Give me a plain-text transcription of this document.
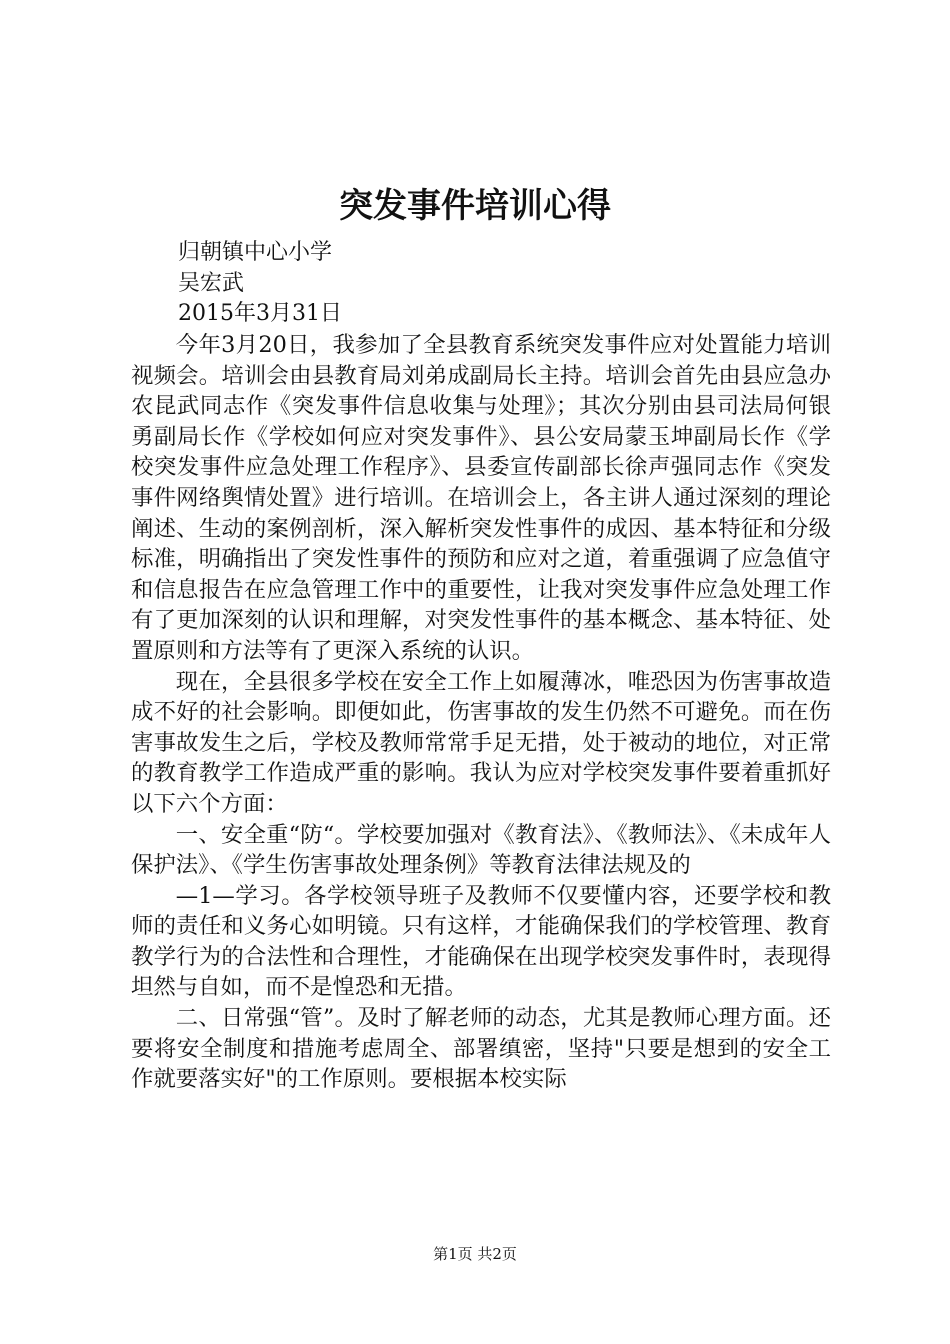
突发事件培训心得
归朝镇中心小学
吴宏武
2015年3月31日

今年3月20日，我参加了全县教育系统突发事件应对处置能力培训视频会。培训会由县教育局刘弟成副局长主持。培训会首先由县应急办农昆武同志作《突发事件信息收集与处理》；其次分别由县司法局何银勇副局长作《学校如何应对突发事件》、县公安局蒙玉坤副局长作《学校突发事件应急处理工作程序》、县委宣传副部长徐声强同志作《突发事件网络舆情处置》进行培训。在培训会上，各主讲人通过深刻的理论阐述、生动的案例剖析，深入解析突发性事件的成因、基本特征和分级标准，明确指出了突发性事件的预防和应对之道，着重强调了应急值守和信息报告在应急管理工作中的重要性，让我对突发事件应急处理工作有了更加深刻的认识和理解，对突发性事件的基本概念、基本特征、处置原则和方法等有了更深入系统的认识。

现在，全县很多学校在安全工作上如履薄冰，唯恐因为伤害事故造成不好的社会影响。即便如此，伤害事故的发生仍然不可避免。而在伤害事故发生之后，学校及教师常常手足无措，处于被动的地位，对正常的教育教学工作造成严重的影响。我认为应对学校突发事件要着重抓好以下六个方面：

一、安全重“防“。学校要加强对《教育法》、《教师法》、《未成年人保护法》、《学生伤害事故处理条例》等教育法律法规及的

—1—学习。各学校领导班子及教师不仅要懂内容，还要学校和教师的责任和义务心如明镜。只有这样，才能确保我们的学校管理、教育教学行为的合法性和合理性，才能确保在出现学校突发事件时，表现得坦然与自如，而不是惶恐和无措。

二、日常强“管”。及时了解老师的动态，尤其是教师心理方面。还要将安全制度和措施考虑周全、部署缜密，坚持"只要是想到的安全工作就要落实好"的工作原则。要根据本校实际

第1页 共2页
